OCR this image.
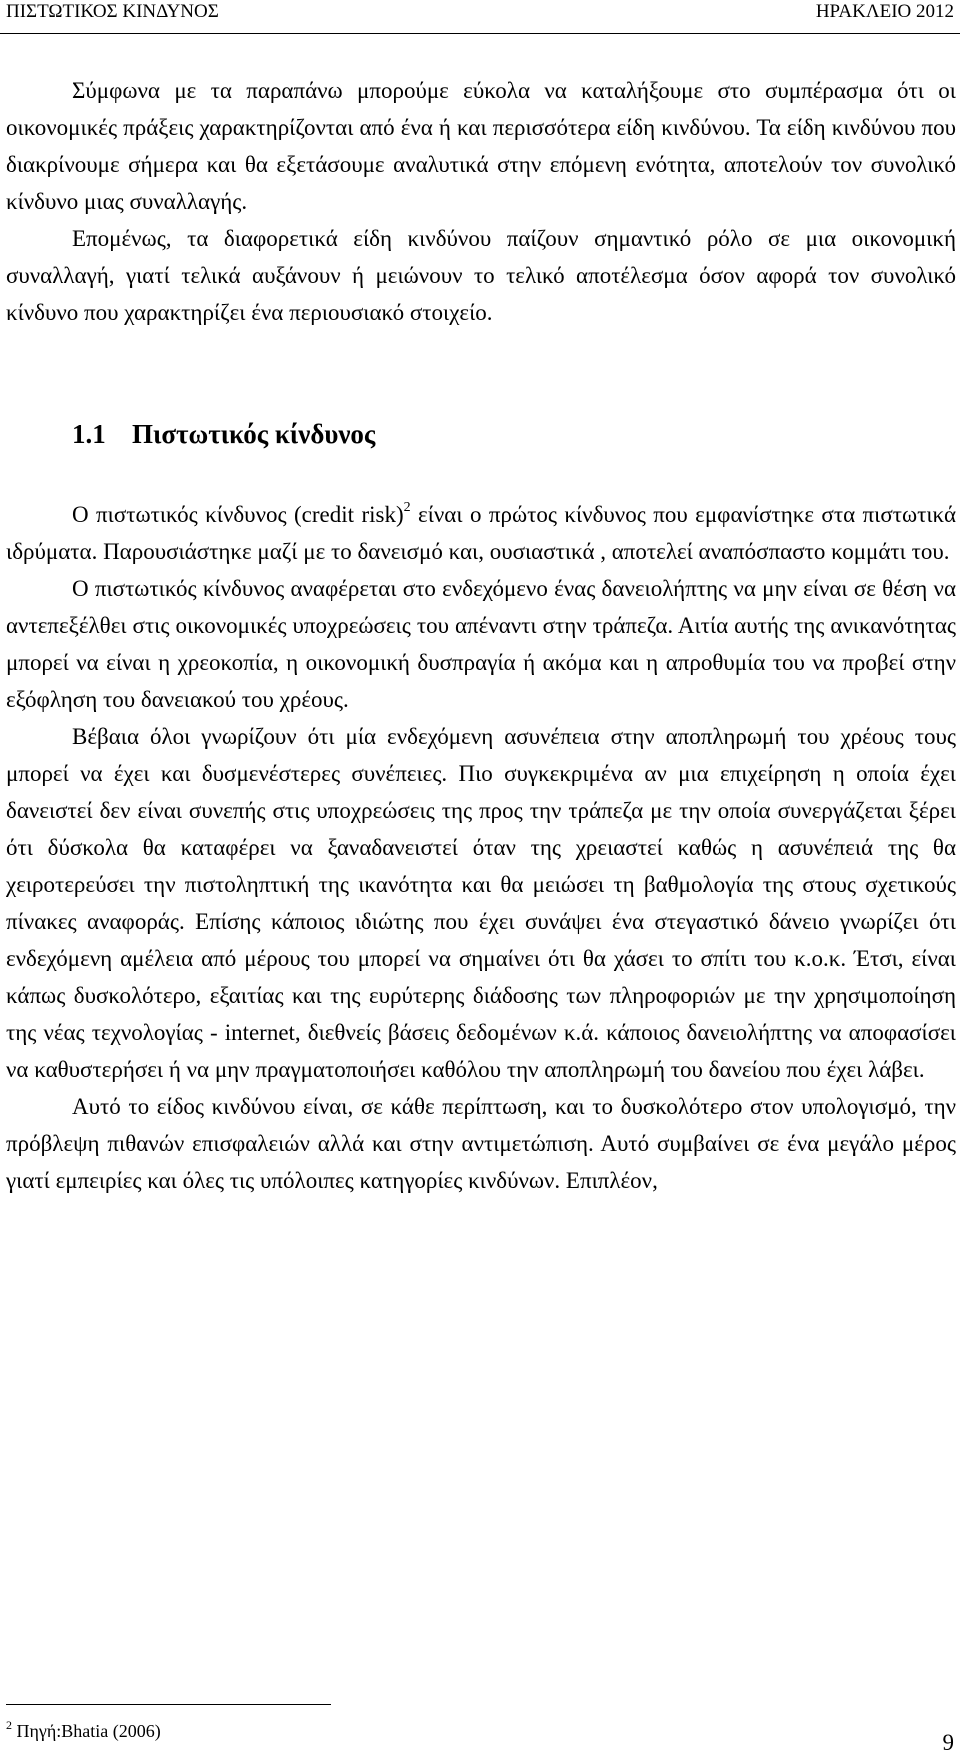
ΠΙΣΤΩΤΙΚΟΣ ΚΙΝΔΥΝΟΣ	ΗΡΑΚΛΕΙΟ 2012

Σύμφωνα με τα παραπάνω μπορούμε εύκολα να καταλήξουμε στο συμπέρασμα ότι οι οικονομικές πράξεις χαρακτηρίζονται από ένα ή και περισσότερα είδη κινδύνου. Τα είδη κινδύνου που διακρίνουμε σήμερα και θα εξετάσουμε αναλυτικά στην επόμενη ενότητα, αποτελούν τον συνολικό κίνδυνο μιας συναλλαγής.

Επομένως, τα διαφορετικά είδη κινδύνου παίζουν σημαντικό ρόλο σε μια οικονομική συναλλαγή, γιατί τελικά αυξάνουν ή μειώνουν το τελικό αποτέλεσμα όσον αφορά τον συνολικό κίνδυνο που χαρακτηρίζει ένα περιουσιακό στοιχείο.

1.1 Πιστωτικός κίνδυνος

Ο πιστωτικός κίνδυνος (credit risk)$^2$ είναι ο πρώτος κίνδυνος που εμφανίστηκε στα πιστωτικά ιδρύματα. Παρουσιάστηκε μαζί με το δανεισμό και, ουσιαστικά , αποτελεί αναπόσπαστο κομμάτι του.

Ο πιστωτικός κίνδυνος αναφέρεται στο ενδεχόμενο ένας δανειολήπτης να μην είναι σε θέση να αντεπεξέλθει στις οικονομικές υποχρεώσεις του απέναντι στην τράπεζα. Αιτία αυτής της ανικανότητας μπορεί να είναι η χρεοκοπία, η οικονομική δυσπραγία ή ακόμα και η απροθυμία του να προβεί στην εξόφληση του δανειακού του χρέους.

Βέβαια όλοι γνωρίζουν ότι μία ενδεχόμενη ασυνέπεια στην αποπληρωμή του χρέους τους μπορεί να έχει και δυσμενέστερες συνέπειες. Πιο συγκεκριμένα αν μια επιχείρηση η οποία έχει δανειστεί δεν είναι συνεπής στις υποχρεώσεις της προς την τράπεζα με την οποία συνεργάζεται ξέρει ότι δύσκολα θα καταφέρει να ξαναδανειστεί όταν της χρειαστεί καθώς η ασυνέπειά της θα χειροτερεύσει την πιστοληπτική της ικανότητα και θα μειώσει τη βαθμολογία της στους σχετικούς πίνακες αναφοράς. Επίσης κάποιος ιδιώτης που έχει συνάψει ένα στεγαστικό δάνειο γνωρίζει ότι ενδεχόμενη αμέλεια από μέρους του μπορεί να σημαίνει ότι θα χάσει το σπίτι του κ.ο.κ. Έτσι, είναι κάπως δυσκολότερο, εξαιτίας και της ευρύτερης διάδοσης των πληροφοριών με την χρησιμοποίηση της νέας τεχνολογίας - internet, διεθνείς βάσεις δεδομένων κ.ά. κάποιος δανειολήπτης να αποφασίσει να καθυστερήσει ή να μην πραγματοποιήσει καθόλου την αποπληρωμή του δανείου που έχει λάβει.

Αυτό το είδος κινδύνου είναι, σε κάθε περίπτωση, και το δυσκολότερο στον υπολογισμό, την πρόβλεψη πιθανών επισφαλειών αλλά και στην αντιμετώπιση. Αυτό συμβαίνει σε ένα μεγάλο μέρος γιατί εμπειρίες και όλες τις υπόλοιπες κατηγορίες κινδύνων. Επιπλέον,

$^2$ Πηγή:Bhatia (2006)	9
